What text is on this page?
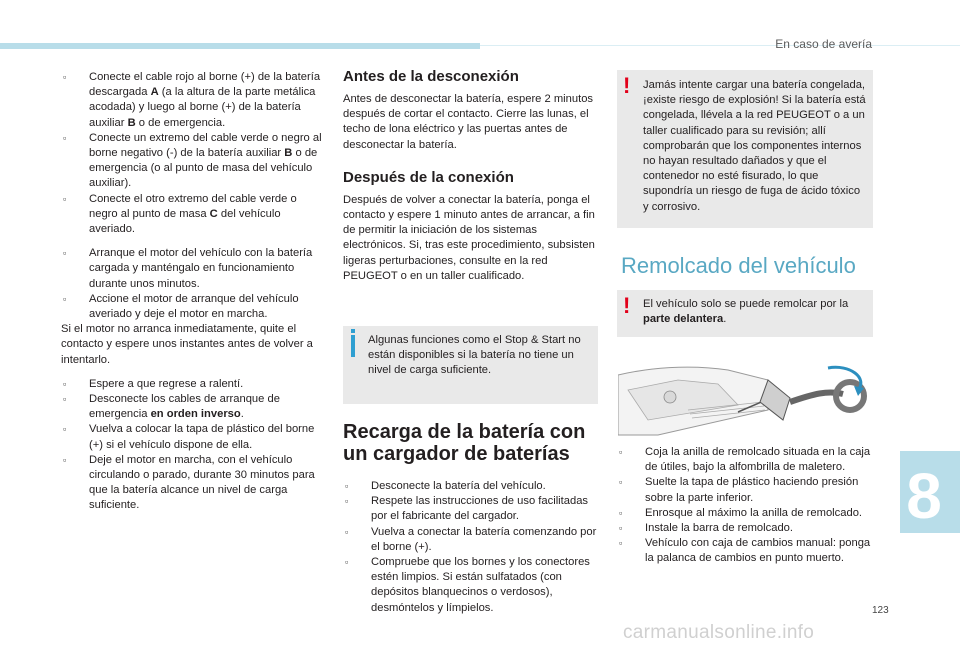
En caso de avería
8
123
carmanualsonline.info

▫ Conecte el cable rojo al borne (+) de la batería descargada A (a la altura de la parte metálica acodada) y luego al borne (+) de la batería auxiliar B o de emergencia.

▫ Conecte un extremo del cable verde o negro al borne negativo (-) de la batería auxiliar B o de emergencia (o al punto de masa del vehículo auxiliar).

▫ Conecte el otro extremo del cable verde o negro al punto de masa C del vehículo averiado.

▫ Arranque el motor del vehículo con la batería cargada y manténgalo en funcionamiento durante unos minutos.

▫ Accione el motor de arranque del vehículo averiado y deje el motor en marcha.

Si el motor no arranca inmediatamente, quite el contacto y espere unos instantes antes de volver a intentarlo.

▫ Espere a que regrese a ralentí.

▫ Desconecte los cables de arranque de emergencia en orden inverso.

▫ Vuelva a colocar la tapa de plástico del borne (+) si el vehículo dispone de ella.

▫ Deje el motor en marcha, con el vehículo circulando o parado, durante 30 minutos para que la batería alcance un nivel de carga suficiente.

Antes de la desconexión

Antes de desconectar la batería, espere 2 minutos después de cortar el contacto. Cierre las lunas, el techo de lona eléctrico y las puertas antes de desconectar la batería.

Después de la conexión

Después de volver a conectar la batería, ponga el contacto y espere 1 minuto antes de arrancar, a fin de permitir la iniciación de los sistemas electrónicos. Si, tras este procedimiento, subsisten ligeras perturbaciones, consulte en la red PEUGEOT o en un taller cualificado.

Algunas funciones como el Stop & Start no están disponibles si la batería no tiene un nivel de carga suficiente.

Recarga de la batería con un cargador de baterías

▫ Desconecte la batería del vehículo.

▫ Respete las instrucciones de uso facilitadas por el fabricante del cargador.

▫ Vuelva a conectar la batería comenzando por el borne (+).

▫ Compruebe que los bornes y los conectores estén limpios. Si están sulfatados (con depósitos blanquecinos o verdosos), desmóntelos y límpielos.

! Jamás intente cargar una batería congelada, ¡existe riesgo de explosión! Si la batería está congelada, llévela a la red PEUGEOT o a un taller cualificado para su revisión; allí comprobarán que los componentes internos no hayan resultado dañados y que el contenedor no esté fisurado, lo que supondría un riesgo de fuga de ácido tóxico y corrosivo.

Remolcado del vehículo
! El vehículo solo se puede remolcar por la parte delantera.

▫ Coja la anilla de remolcado situada en la caja de útiles, bajo la alfombrilla de maletero.

▫ Suelte la tapa de plástico haciendo presión sobre la parte inferior.

▫ Enrosque al máximo la anilla de remolcado.

▫ Instale la barra de remolcado.

▫ Vehículo con caja de cambios manual: ponga la palanca de cambios en punto muerto.
